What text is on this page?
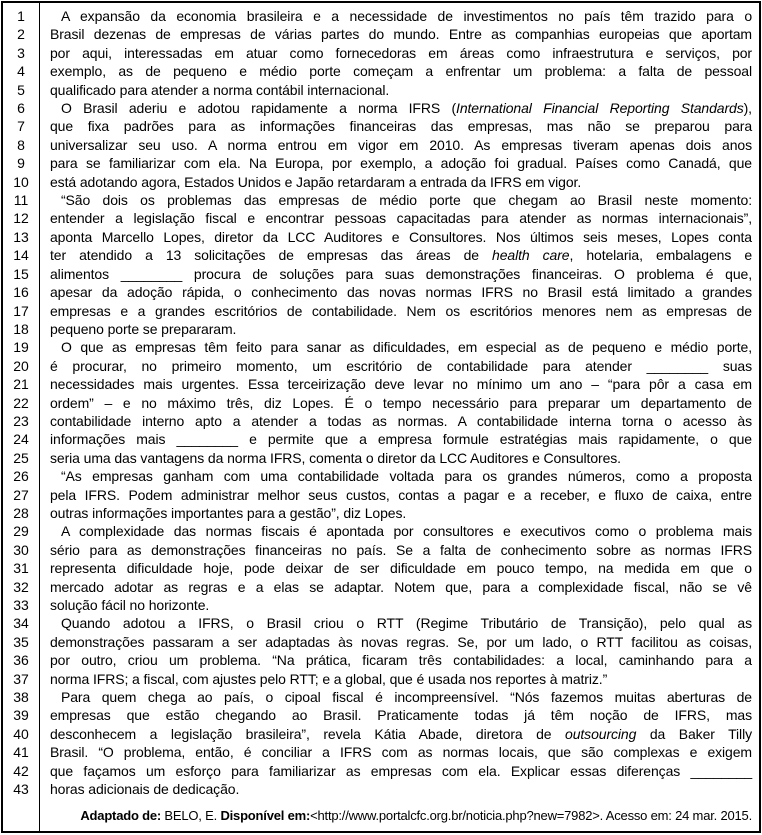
1
2
3
4
5
6
7
8
9
10
11
12
13
14
15
16
17
18
19
20
21
22
23
24
25
26
27
28
29
30
31
32
33
34
35
36
37
38
39
40
41
42
43
A expansão da economia brasileira e a necessidade de investimentos no país têm trazido para o
Brasil dezenas de empresas de várias partes do mundo. Entre as companhias europeias que aportam
por aqui, interessadas em atuar como fornecedoras em áreas como infraestrutura e serviços, por
exemplo, as de pequeno e médio porte começam a enfrentar um problema: a falta de pessoal
qualificado para atender a norma contábil internacional.
O Brasil aderiu e adotou rapidamente a norma IFRS (International Financial Reporting Standards),
que fixa padrões para as informações financeiras das empresas, mas não se preparou para
universalizar seu uso. A norma entrou em vigor em 2010. As empresas tiveram apenas dois anos
para se familiarizar com ela. Na Europa, por exemplo, a adoção foi gradual. Países como Canadá, que
está adotando agora, Estados Unidos e Japão retardaram a entrada da IFRS em vigor.
“São dois os problemas das empresas de médio porte que chegam ao Brasil neste momento:
entender a legislação fiscal e encontrar pessoas capacitadas para atender as normas internacionais”,
aponta Marcello Lopes, diretor da LCC Auditores e Consultores. Nos últimos seis meses, Lopes conta
ter atendido a 13 solicitações de empresas das áreas de health care, hotelaria, embalagens e
alimentos ________ procura de soluções para suas demonstrações financeiras. O problema é que,
apesar da adoção rápida, o conhecimento das novas normas IFRS no Brasil está limitado a grandes
empresas e a grandes escritórios de contabilidade. Nem os escritórios menores nem as empresas de
pequeno porte se prepararam.
O que as empresas têm feito para sanar as dificuldades, em especial as de pequeno e médio porte,
é procurar, no primeiro momento, um escritório de contabilidade para atender ________ suas
necessidades mais urgentes. Essa terceirização deve levar no mínimo um ano – “para pôr a casa em
ordem” – e no máximo três, diz Lopes. É o tempo necessário para preparar um departamento de
contabilidade interno apto a atender a todas as normas. A contabilidade interna torna o acesso às
informações mais ________ e permite que a empresa formule estratégias mais rapidamente, o que
seria uma das vantagens da norma IFRS, comenta o diretor da LCC Auditores e Consultores.
“As empresas ganham com uma contabilidade voltada para os grandes números, como a proposta
pela IFRS. Podem administrar melhor seus custos, contas a pagar e a receber, e fluxo de caixa, entre
outras informações importantes para a gestão”, diz Lopes.
A complexidade das normas fiscais é apontada por consultores e executivos como o problema mais
sério para as demonstrações financeiras no país. Se a falta de conhecimento sobre as normas IFRS
representa dificuldade hoje, pode deixar de ser dificuldade em pouco tempo, na medida em que o
mercado adotar as regras e a elas se adaptar. Notem que, para a complexidade fiscal, não se vê
solução fácil no horizonte.
Quando adotou a IFRS, o Brasil criou o RTT (Regime Tributário de Transição), pelo qual as
demonstrações passaram a ser adaptadas às novas regras. Se, por um lado, o RTT facilitou as coisas,
por outro, criou um problema. “Na prática, ficaram três contabilidades: a local, caminhando para a
norma IFRS; a fiscal, com ajustes pelo RTT; e a global, que é usada nos reportes à matriz.”
Para quem chega ao país, o cipoal fiscal é incompreensível. “Nós fazemos muitas aberturas de
empresas que estão chegando ao Brasil. Praticamente todas já têm noção de IFRS, mas
desconhecem a legislação brasileira”, revela Kátia Abade, diretora de outsourcing da Baker Tilly
Brasil. “O problema, então, é conciliar a IFRS com as normas locais, que são complexas e exigem
que façamos um esforço para familiarizar as empresas com ela. Explicar essas diferenças ________
horas adicionais de dedicação.
Adaptado de: BELO, E. Disponível em:<http://www.portalcfc.org.br/noticia.php?new=7982>. Acesso em: 24 mar. 2015.
